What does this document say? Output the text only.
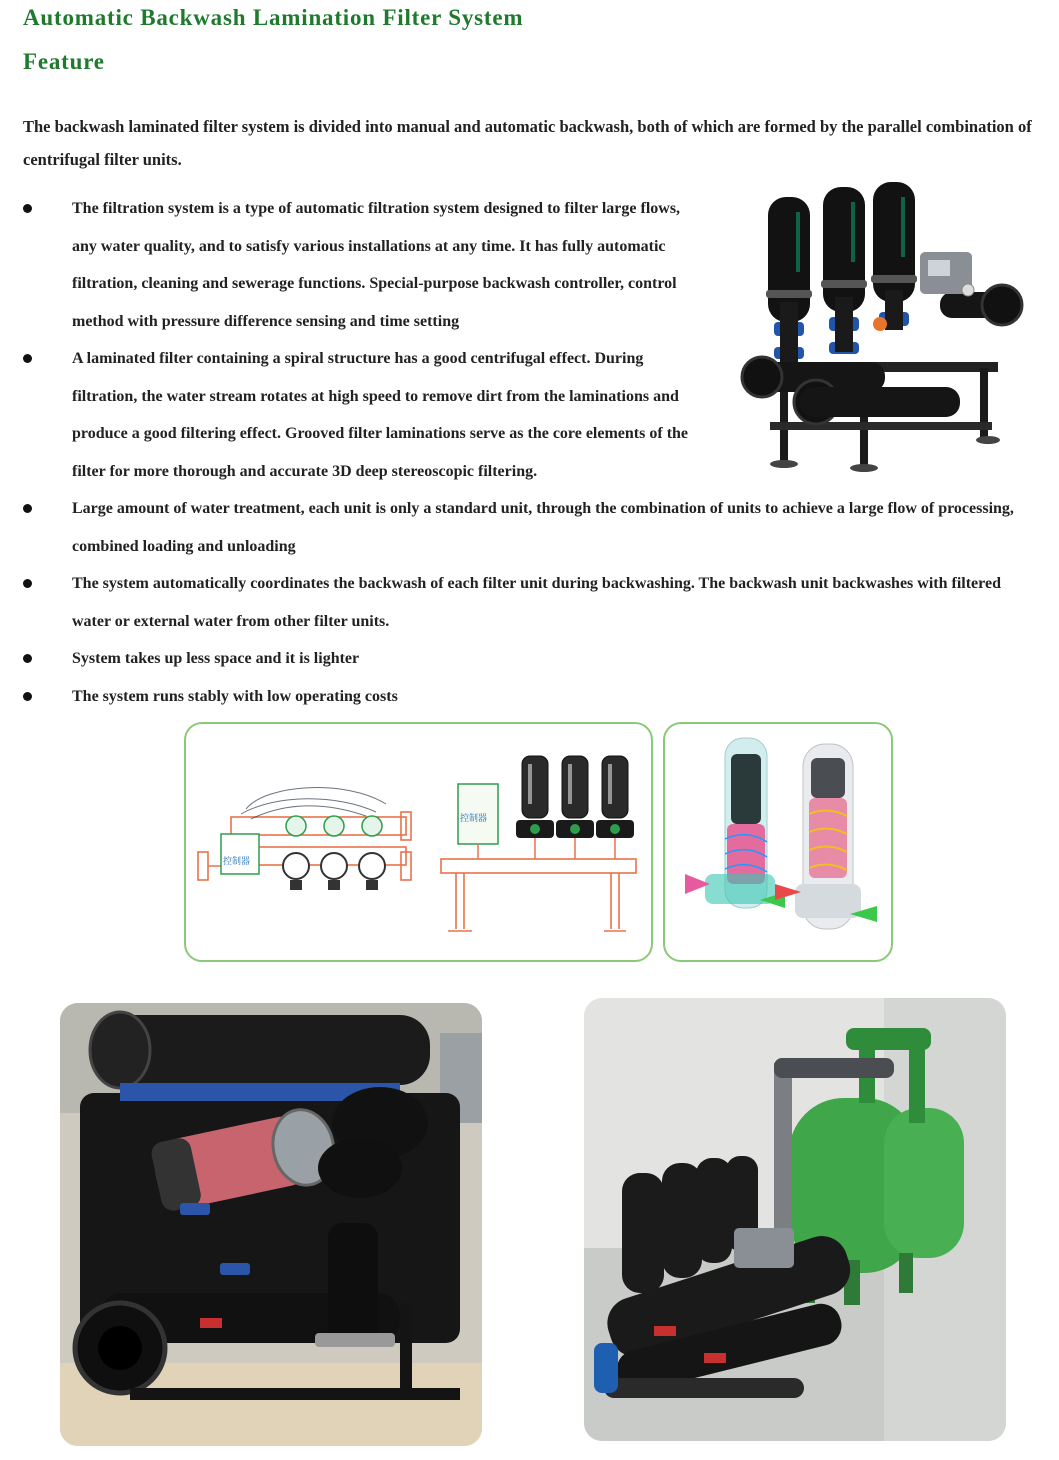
Automatic Backwash Lamination Filter System
Feature

The backwash laminated filter system is divided into manual and automatic backwash, both of which are formed by the parallel combination of centrifugal filter units.

The filtration system is a type of automatic filtration system designed to filter large flows, any water quality, and to satisfy various installations at any time. It has fully automatic filtration, cleaning and sewerage functions. Special-purpose backwash controller, control method with pressure difference sensing and time setting
A laminated filter containing a spiral structure has a good centrifugal effect. During filtration, the water stream rotates at high speed to remove dirt from the laminations and produce a good filtering effect. Grooved filter laminations serve as the core elements of the filter for more thorough and accurate 3D deep stereoscopic filtering.
Large amount of water treatment, each unit is only a standard unit, through the combination of units to achieve a large flow of processing, combined loading and unloading
The system automatically coordinates the backwash of each filter unit during backwashing. The backwash unit backwashes with filtered water or external water from other filter units.
System takes up less space and it is lighter
The system runs stably with low operating costs
控制器
控制器
